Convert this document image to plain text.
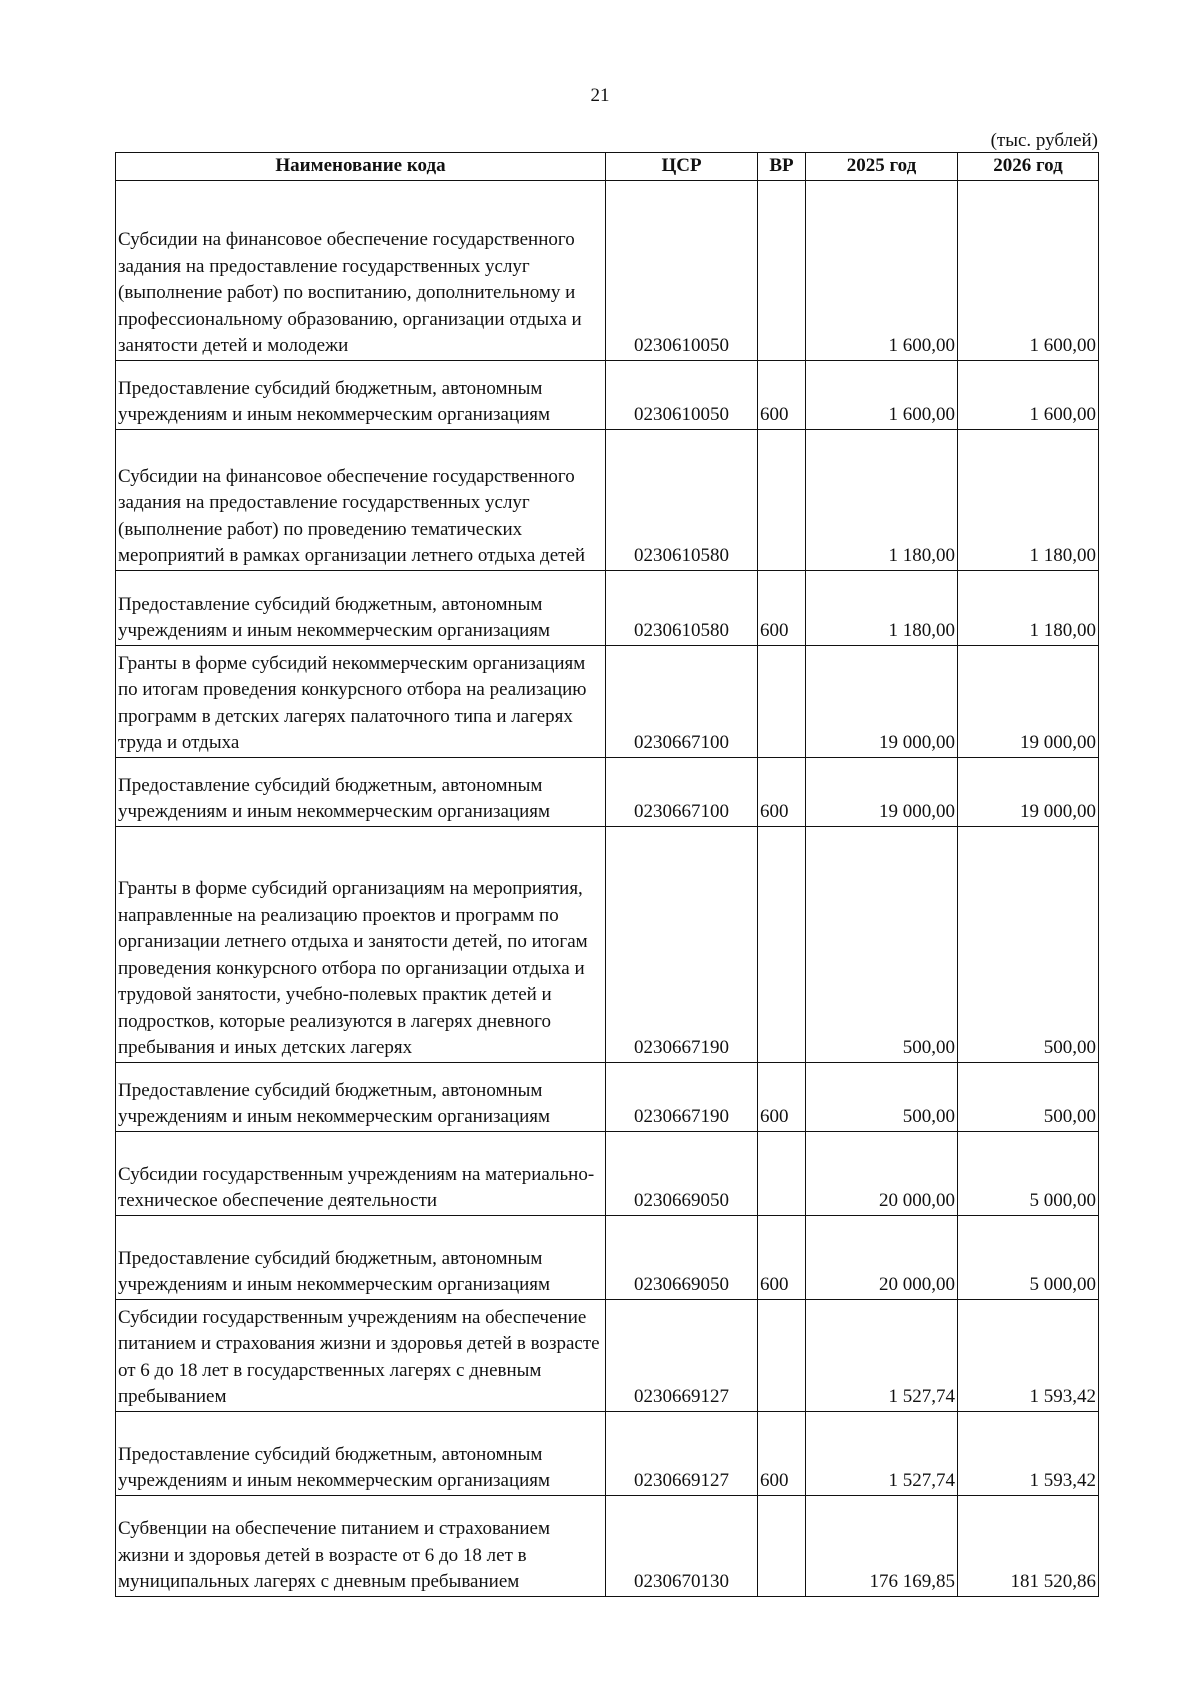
21
(тыс. рублей)
Наименование кода	ЦСР	ВР	2025 год	2026 год
Субсидии на финансовое обеспечение государственного задания на предоставление государственных услуг (выполнение работ) по воспитанию, дополнительному и профессиональному образованию, организации отдыха и занятости детей и молодежи	0230610050		1 600,00	1 600,00
Предоставление субсидий бюджетным, автономным учреждениям и иным некоммерческим организациям	0230610050	600	1 600,00	1 600,00
Субсидии на финансовое обеспечение государственного задания на предоставление государственных услуг (выполнение работ) по проведению тематических мероприятий в рамках организации летнего отдыха детей	0230610580		1 180,00	1 180,00
Предоставление субсидий бюджетным, автономным учреждениям и иным некоммерческим организациям	0230610580	600	1 180,00	1 180,00
Гранты в форме субсидий некоммерческим организациям по итогам проведения конкурсного отбора на реализацию программ в детских лагерях палаточного типа и лагерях труда и отдыха	0230667100		19 000,00	19 000,00
Предоставление субсидий бюджетным, автономным учреждениям и иным некоммерческим организациям	0230667100	600	19 000,00	19 000,00
Гранты в форме субсидий организациям на мероприятия, направленные на реализацию проектов и программ по организации летнего отдыха и занятости детей, по итогам проведения конкурсного отбора по организации отдыха и трудовой занятости, учебно-полевых практик детей и подростков, которые реализуются в лагерях дневного пребывания и иных детских лагерях	0230667190		500,00	500,00
Предоставление субсидий бюджетным, автономным учреждениям и иным некоммерческим организациям	0230667190	600	500,00	500,00
Субсидии государственным учреждениям на материально-техническое обеспечение деятельности	0230669050		20 000,00	5 000,00
Предоставление субсидий бюджетным, автономным учреждениям и иным некоммерческим организациям	0230669050	600	20 000,00	5 000,00
Субсидии государственным учреждениям на обеспечение питанием и страхования жизни и здоровья детей в возрасте от 6 до 18 лет в государственных лагерях с дневным пребыванием	0230669127		1 527,74	1 593,42
Предоставление субсидий бюджетным, автономным учреждениям и иным некоммерческим организациям	0230669127	600	1 527,74	1 593,42
Субвенции на обеспечение питанием и страхованием жизни и здоровья детей в возрасте от 6 до 18 лет в муниципальных лагерях с дневным пребыванием	0230670130		176 169,85	181 520,86
